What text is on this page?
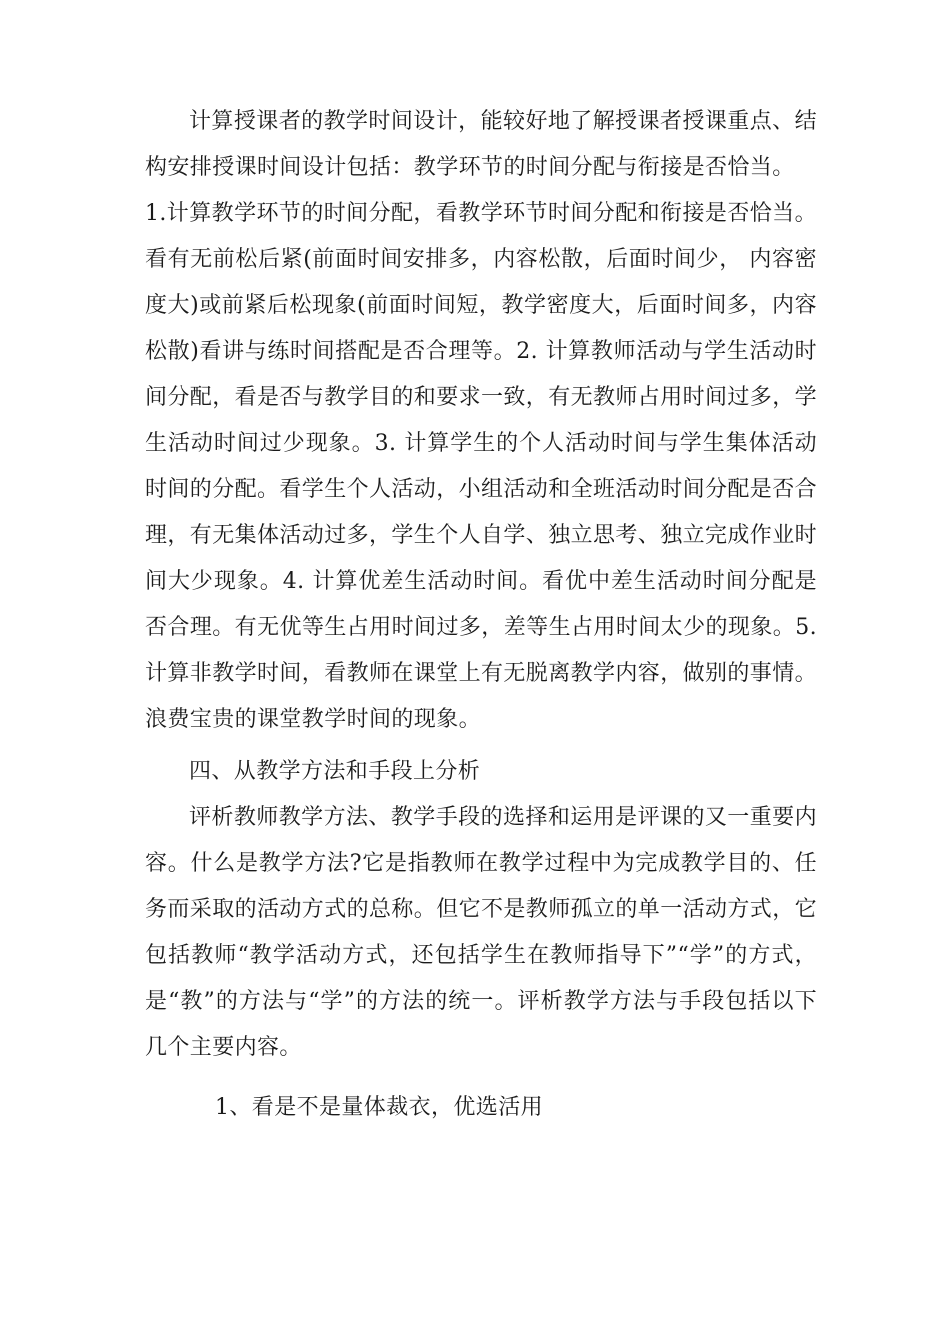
计算授课者的教学时间设计，能较好地了解授课者授课重点、结构安排授课时间设计包括：教学环节的时间分配与衔接是否恰当。

1.计算教学环节的时间分配，看教学环节时间分配和衔接是否恰当。看有无前松后紧(前面时间安排多，内容松散，后面时间少， 内容密度大)或前紧后松现象(前面时间短，教学密度大，后面时间多，内容松散)看讲与练时间搭配是否合理等。2. 计算教师活动与学生活动时间分配，看是否与教学目的和要求一致，有无教师占用时间过多，学生活动时间过少现象。3. 计算学生的个人活动时间与学生集体活动时间的分配。看学生个人活动，小组活动和全班活动时间分配是否合理，有无集体活动过多，学生个人自学、独立思考、独立完成作业时间大少现象。4. 计算优差生活动时间。看优中差生活动时间分配是否合理。有无优等生占用时间过多，差等生占用时间太少的现象。5.计算非教学时间，看教师在课堂上有无脱离教学内容，做别的事情。浪费宝贵的课堂教学时间的现象。

四、从教学方法和手段上分析

评析教师教学方法、教学手段的选择和运用是评课的又一重要内容。什么是教学方法?它是指教师在教学过程中为完成教学目的、任务而采取的活动方式的总称。但它不是教师孤立的单一活动方式，它包括教师“教学活动方式，还包括学生在教师指导下”“学”的方式，是“教”的方法与“学”的方法的统一。评析教学方法与手段包括以下几个主要内容。

1、看是不是量体裁衣，优选活用
